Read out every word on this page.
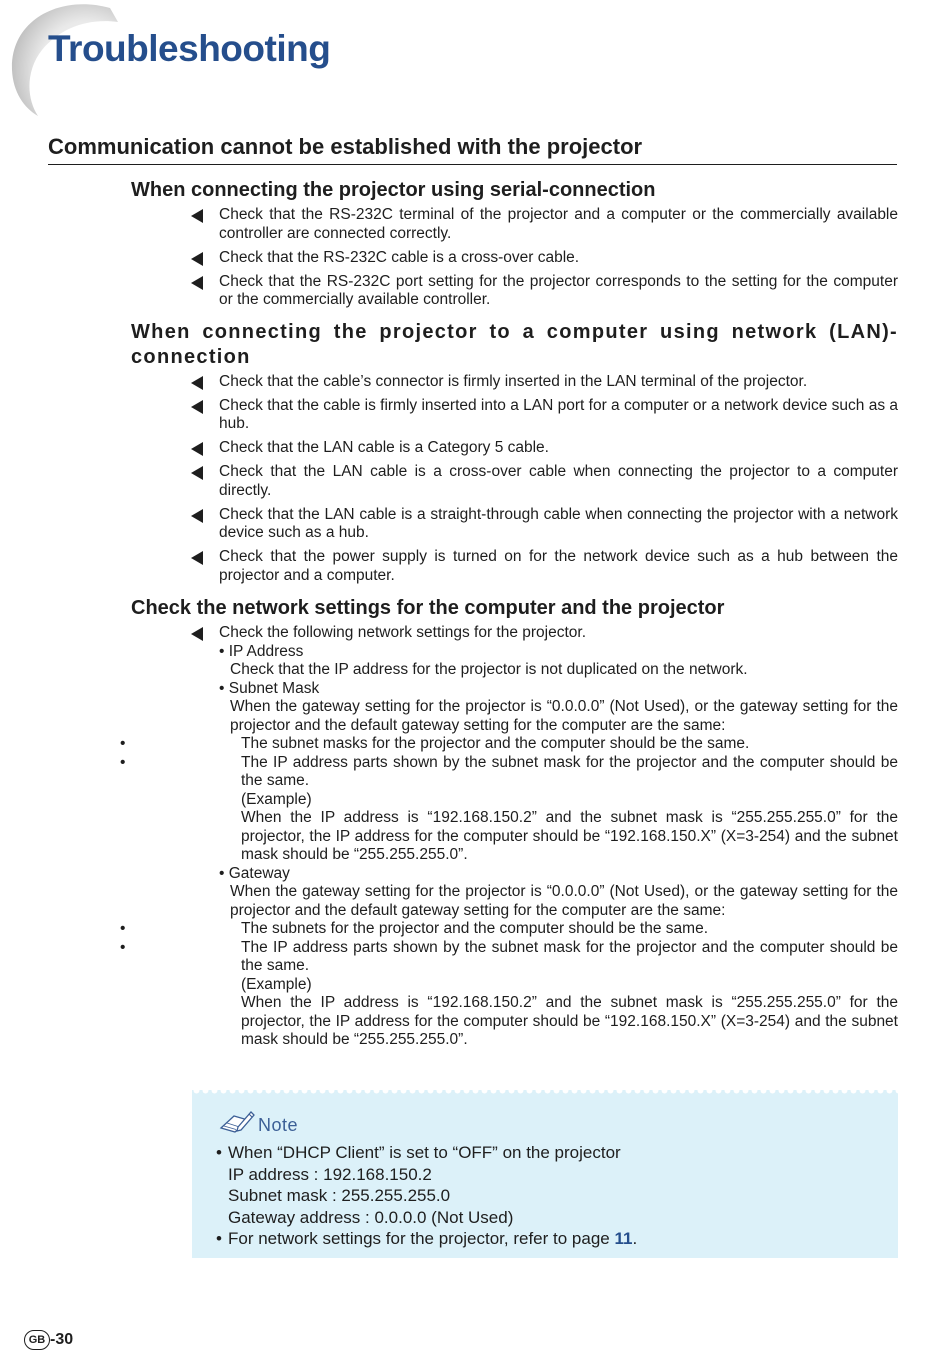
Troubleshooting
Communication cannot be established with the projector
When connecting the projector using serial-connection
Check that the RS-232C terminal of the projector and a computer or the commercially available controller are connected correctly.
Check that the RS-232C cable is a cross-over cable.
Check that the RS-232C port setting for the projector corresponds to the setting for the computer or the commercially available controller.
When connecting the projector to a computer using network (LAN)-connection
Check that the cable’s connector is firmly inserted in the LAN terminal of the projector.
Check that the cable is firmly inserted into a LAN port for a computer or a network device such as a hub.
Check that the LAN cable is a Category 5 cable.
Check that the LAN cable is a cross-over cable when connecting the projector to a computer directly.
Check that the LAN cable is a straight-through cable when connecting the projector with a network device such as a hub.
Check that the power supply is turned on for the network device such as a hub between the projector and a computer.
Check the network settings for the computer and the projector
Check the following network settings for the projector.
• IP Address
Check that the IP address for the projector is not duplicated on the network.
• Subnet Mask
When the gateway setting for the projector is “0.0.0.0” (Not Used), or the gateway setting for the projector and the default gateway setting for the computer are the same:
•	The subnet masks for the projector and the computer should be the same.
•	The IP address parts shown by the subnet mask for the projector and the computer should be the same.
(Example)
When the IP address is “192.168.150.2” and the subnet mask is “255.255.255.0” for the projector, the IP address for the computer should be “192.168.150.X” (X=3-254) and the subnet mask should be “255.255.255.0”.
• Gateway
When the gateway setting for the projector is “0.0.0.0” (Not Used), or the gateway setting for the projector and the default gateway setting for the computer are the same:
•	The subnets for the projector and the computer should be the same.
•	The IP address parts shown by the subnet mask for the projector and the computer should be the same.
(Example)
When the IP address is “192.168.150.2” and the subnet mask is “255.255.255.0” for the projector, the IP address for the computer should be “192.168.150.X” (X=3-254) and the subnet mask should be “255.255.255.0”.
Note
• When “DHCP Client” is set to “OFF” on the projector
IP address : 192.168.150.2
Subnet mask : 255.255.255.0
Gateway address : 0.0.0.0 (Not Used)
• For network settings for the projector, refer to page 11.
GB -30
